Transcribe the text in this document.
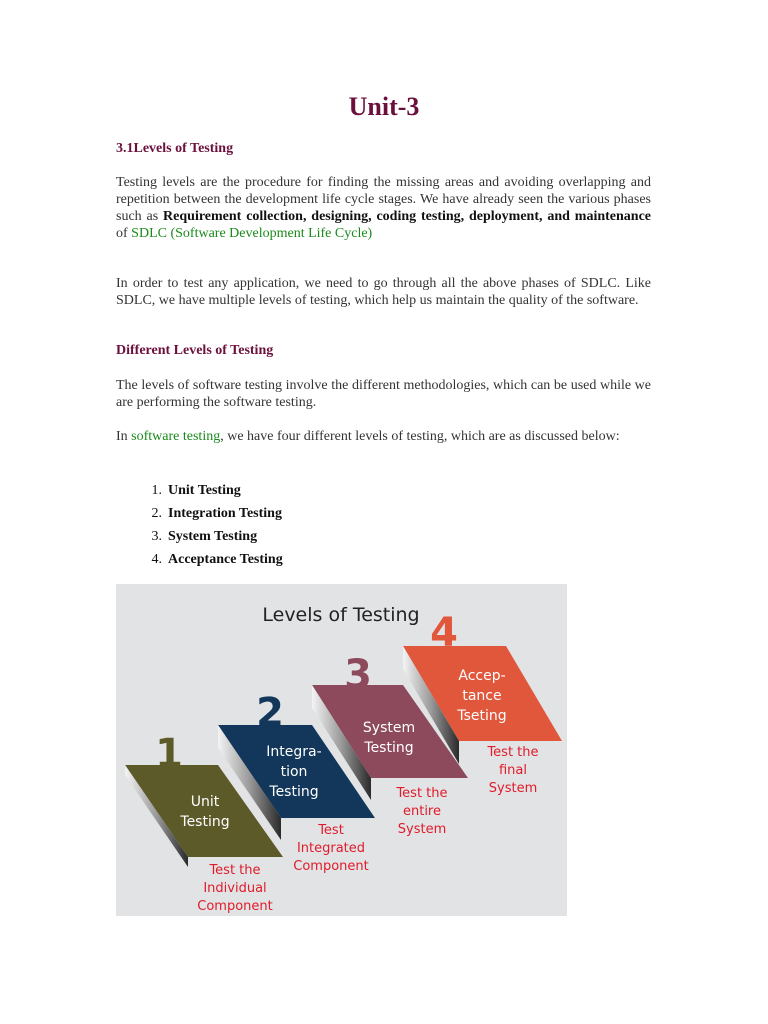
Unit-3
3.1Levels of Testing
Testing levels are the procedure for finding the missing areas and avoiding overlapping and repetition between the development life cycle stages. We have already seen the various phases such as Requirement collection, designing, coding testing, deployment, and maintenance of SDLC (Software Development Life Cycle)
In order to test any application, we need to go through all the above phases of SDLC. Like SDLC, we have multiple levels of testing, which help us maintain the quality of the software.
Different Levels of Testing
The levels of software testing involve the different methodologies, which can be used while we are performing the software testing.
In software testing, we have four different levels of testing, which are as discussed below:
1. Unit Testing
2. Integration Testing
3. System Testing
4. Acceptance Testing
Levels of Testing 4
Accep-
tance
Tseting
Test the
final
System
3
System
Testing
Test the
entire
System
2
Integra-
tion
Testing
Test
Integrated
Component
1
Unit
Testing
Test the
Individual
Component
